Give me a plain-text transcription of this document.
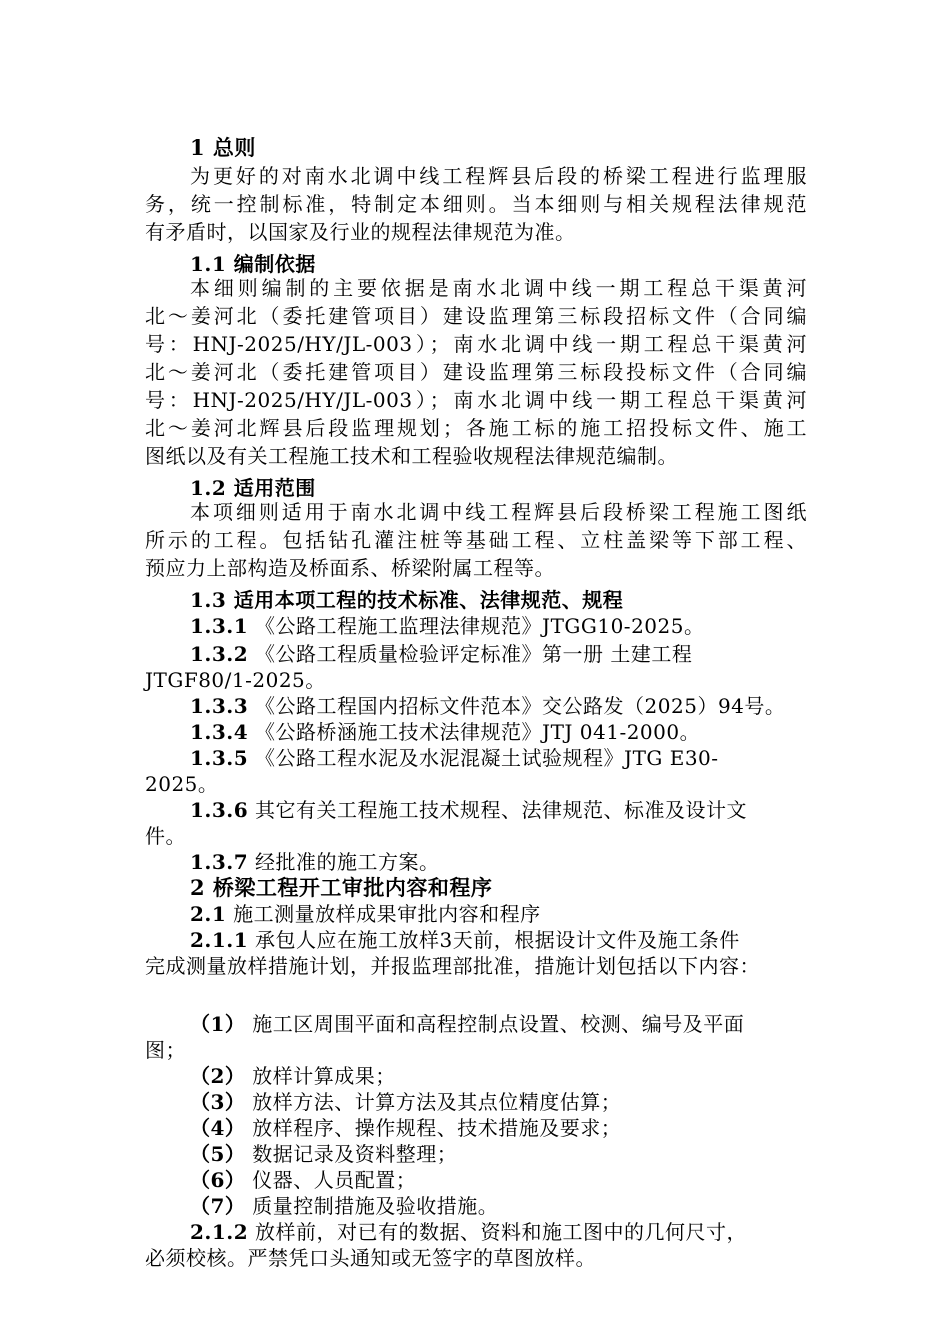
1 总则
为更好的对南水北调中线工程辉县后段的桥梁工程进行监理服
务，统一控制标准，特制定本细则。当本细则与相关规程法律规范
有矛盾时，以国家及行业的规程法律规范为准。
1.1 编制依据
本细则编制的主要依据是南水北调中线一期工程总干渠黄河
北～姜河北（委托建管项目）建设监理第三标段招标文件（合同编
号：HNJ-2025/HY/JL-003）；南水北调中线一期工程总干渠黄河
北～姜河北（委托建管项目）建设监理第三标段投标文件（合同编
号：HNJ-2025/HY/JL-003）；南水北调中线一期工程总干渠黄河
北～姜河北辉县后段监理规划；各施工标的施工招投标文件、施工
图纸以及有关工程施工技术和工程验收规程法律规范编制。
1.2 适用范围
本项细则适用于南水北调中线工程辉县后段桥梁工程施工图纸
所示的工程。包括钻孔灌注桩等基础工程、立柱盖梁等下部工程、
预应力上部构造及桥面系、桥梁附属工程等。
1.3 适用本项工程的技术标准、法律规范、规程
1.3.1 《公路工程施工监理法律规范》JTGG10-2025。
1.3.2 《公路工程质量检验评定标准》第一册 土建工程
JTGF80/1-2025。
1.3.3 《公路工程国内招标文件范本》交公路发（2025）94号。
1.3.4 《公路桥涵施工技术法律规范》JTJ 041-2000。
1.3.5 《公路工程水泥及水泥混凝土试验规程》JTG E30-
2025。
1.3.6 其它有关工程施工技术规程、法律规范、标准及设计文
件。
1.3.7 经批准的施工方案。
2 桥梁工程开工审批内容和程序
2.1 施工测量放样成果审批内容和程序
2.1.1 承包人应在施工放样3天前，根据设计文件及施工条件
完成测量放样措施计划，并报监理部批准，措施计划包括以下内容：
（1） 施工区周围平面和高程控制点设置、校测、编号及平面
图；
（2） 放样计算成果；
（3） 放样方法、计算方法及其点位精度估算；
（4） 放样程序、操作规程、技术措施及要求；
（5） 数据记录及资料整理；
（6） 仪器、人员配置；
（7） 质量控制措施及验收措施。
2.1.2 放样前，对已有的数据、资料和施工图中的几何尺寸，
必须校核。严禁凭口头通知或无签字的草图放样。
